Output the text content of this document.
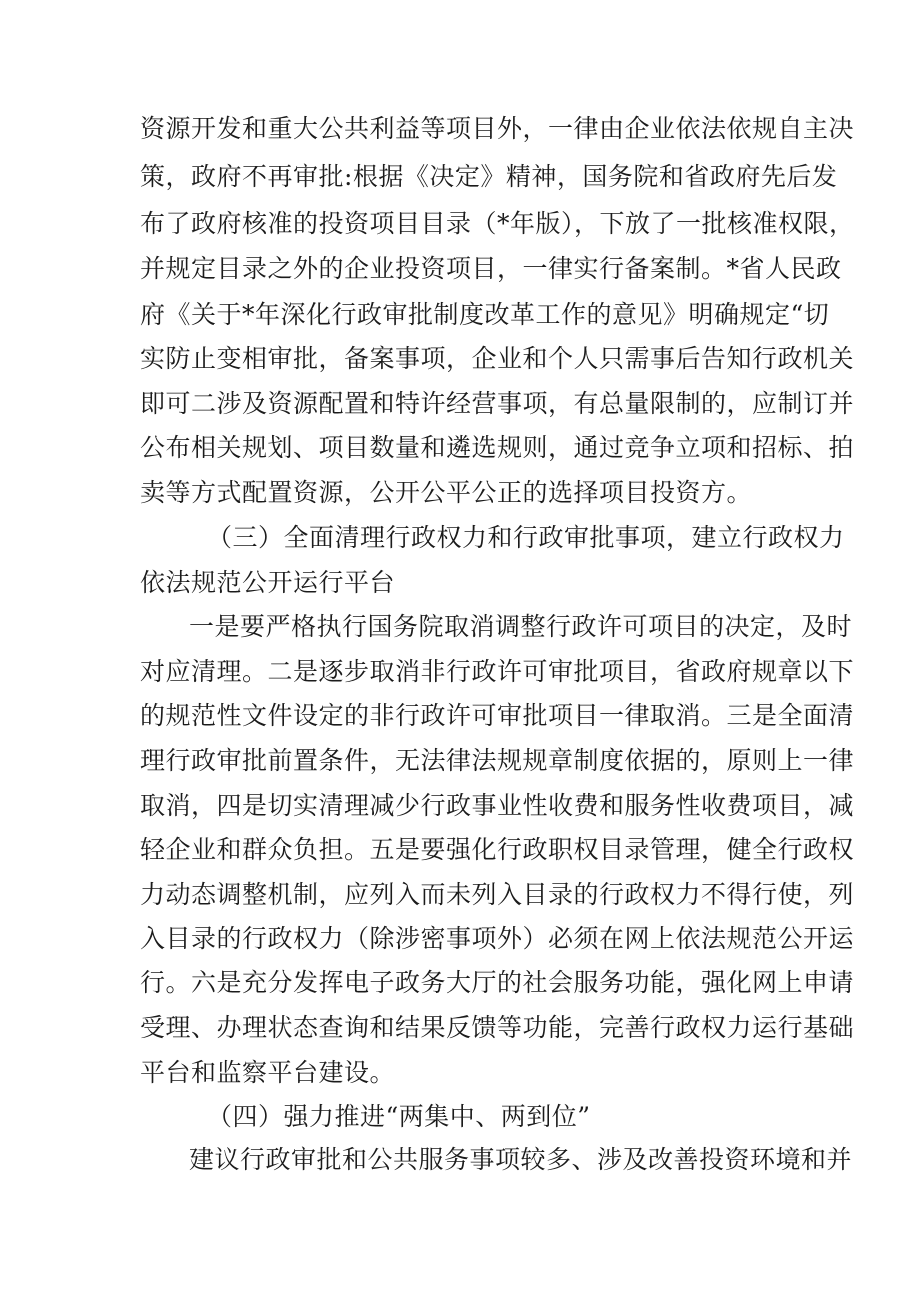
资源开发和重大公共利益等项目外，一律由企业依法依规自主决

策，政府不再审批:根据《决定》精神，国务院和省政府先后发

布了政府核准的投资项目目录（*年版），下放了一批核准权限，

并规定目录之外的企业投资项目，一律实行备案制。*省人民政

府《关于*年深化行政审批制度改革工作的意见》明确规定“切

实防止变相审批，备案事项，企业和个人只需事后告知行政机关

即可二涉及资源配置和特许经营事项，有总量限制的，应制订并

公布相关规划、项目数量和遴选规则，通过竞争立项和招标、拍

卖等方式配置资源，公开公平公正的选择项目投资方。

（三）全面清理行政权力和行政审批事项，建立行政权力

依法规范公开运行平台

一是要严格执行国务院取消调整行政许可项目的决定，及时

对应清理。二是逐步取消非行政许可审批项目，省政府规章以下

的规范性文件设定的非行政许可审批项目一律取消。三是全面清

理行政审批前置条件，无法律法规规章制度依据的，原则上一律

取消，四是切实清理减少行政事业性收费和服务性收费项目，减

轻企业和群众负担。五是要强化行政职权目录管理，健全行政权

力动态调整机制，应列入而未列入目录的行政权力不得行使，列

入目录的行政权力（除涉密事项外）必须在网上依法规范公开运

行。六是充分发挥电子政务大厅的社会服务功能，强化网上申请

受理、办理状态查询和结果反馈等功能，完善行政权力运行基础

平台和监察平台建设。

（四）强力推进“两集中、两到位”

建议行政审批和公共服务事项较多、涉及改善投资环境和并
